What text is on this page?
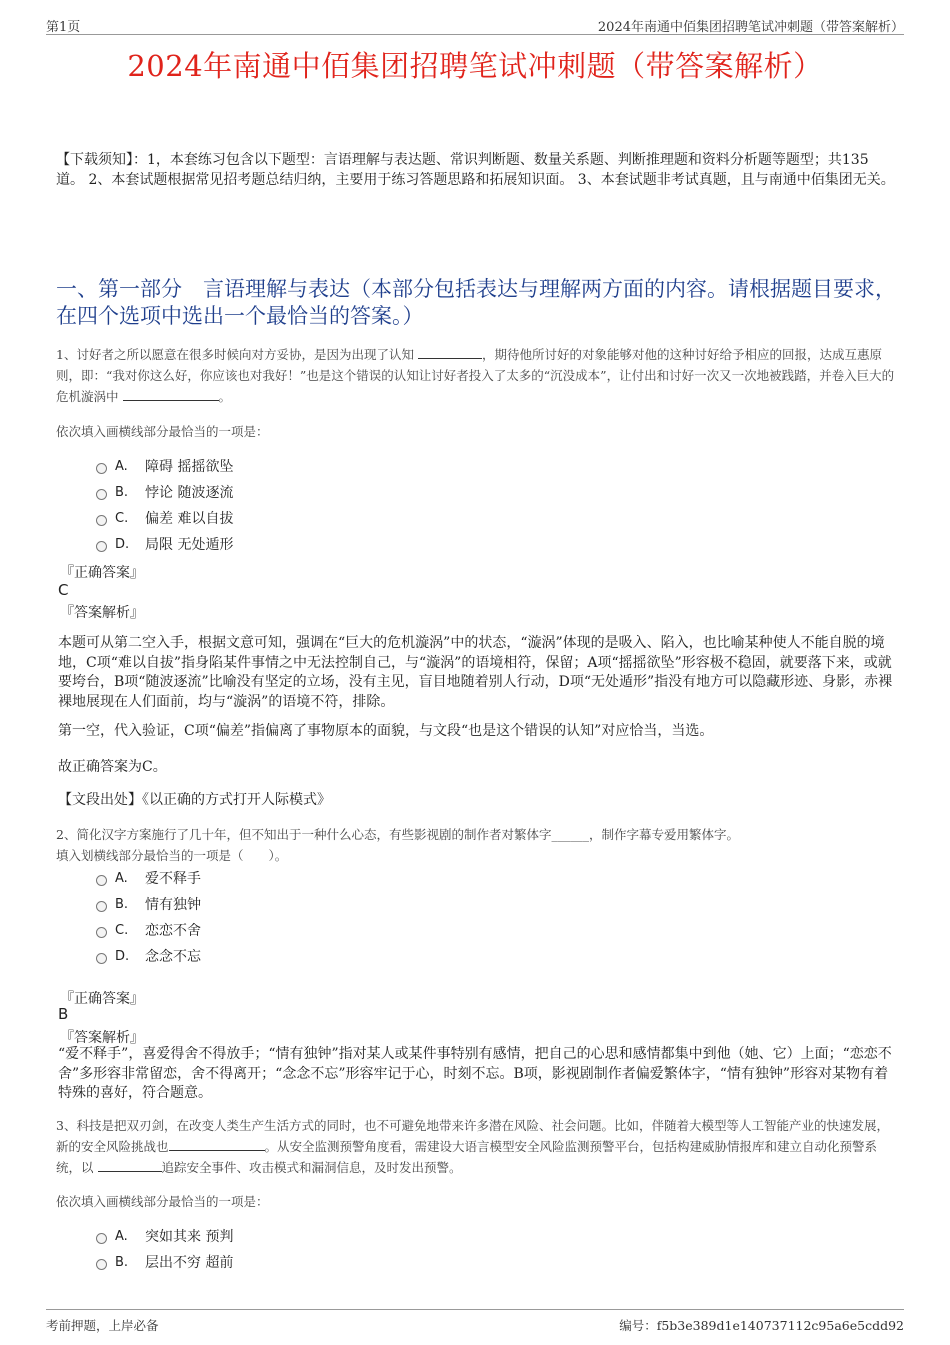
第1页	2024年南通中佰集团招聘笔试冲刺题（带答案解析）
2024年南通中佰集团招聘笔试冲刺题（带答案解析）
【下载须知】：1，本套练习包含以下题型：言语理解与表达题、常识判断题、数量关系题、判断推理题和资料分析题等题型；共135道。 2、本套试题根据常见招考题总结归纳，主要用于练习答题思路和拓展知识面。 3、本套试题非考试真题，且与南通中佰集团无关。
一、第一部分　言语理解与表达（本部分包括表达与理解两方面的内容。请根据题目要求，在四个选项中选出一个最恰当的答案。）
1、讨好者之所以愿意在很多时候向对方妥协，是因为出现了认知	，期待他所讨好的对象能够对他的这种讨好给予相应的回报，达成互惠原则，即：“我对你这么好，你应该也对我好！”也是这个错误的认知让讨好者投入了太多的“沉没成本”，让付出和讨好一次又一次地被践踏，并卷入巨大的危机漩涡中	。
依次填入画横线部分最恰当的一项是：
A.	障碍 摇摇欲坠
B.	悖论 随波逐流
C.	偏差 难以自拔
D.	局限 无处遁形
『正确答案』
C
『答案解析』
本题可从第二空入手，根据文意可知，强调在“巨大的危机漩涡”中的状态，“漩涡”体现的是吸入、陷入，也比喻某种使人不能自脱的境地，C项“难以自拔”指身陷某件事情之中无法控制自己，与“漩涡”的语境相符，保留；A项“摇摇欲坠”形容极不稳固，就要落下来，或就要垮台，B项“随波逐流”比喻没有坚定的立场，没有主见，盲目地随着别人行动，D项“无处遁形”指没有地方可以隐藏形迹、身影，赤裸裸地展现在人们面前，均与“漩涡”的语境不符，排除。
第一空，代入验证，C项“偏差”指偏离了事物原本的面貌，与文段“也是这个错误的认知”对应恰当，当选。
故正确答案为C。
【文段出处】《以正确的方式打开人际模式》
2、简化汉字方案施行了几十年，但不知出于一种什么心态，有些影视剧的制作者对繁体字______，制作字幕专爱用繁体字。
填入划横线部分最恰当的一项是（　　）。
A.	爱不释手
B.	情有独钟
C.	恋恋不舍
D.	念念不忘
『正确答案』
B
『答案解析』
“爱不释手”，喜爱得舍不得放手；“情有独钟”指对某人或某件事特别有感情，把自己的心思和感情都集中到他（她、它）上面；“恋恋不舍”多形容非常留恋，舍不得离开；“念念不忘”形容牢记于心，时刻不忘。B项，影视剧制作者偏爱繁体字，“情有独钟”形容对某物有着特殊的喜好，符合题意。
3、科技是把双刃剑，在改变人类生产生活方式的同时，也不可避免地带来许多潜在风险、社会问题。比如，伴随着大模型等人工智能产业的快速发展，新的安全风险挑战也	。从安全监测预警角度看，需建设大语言模型安全风险监测预警平台，包括构建威胁情报库和建立自动化预警系统，以	追踪安全事件、攻击模式和漏洞信息，及时发出预警。
依次填入画横线部分最恰当的一项是：
A.	突如其来 预判
B.	层出不穷 超前
考前押题，上岸必备	编号：f5b3e389d1e140737112c95a6e5cdd92
